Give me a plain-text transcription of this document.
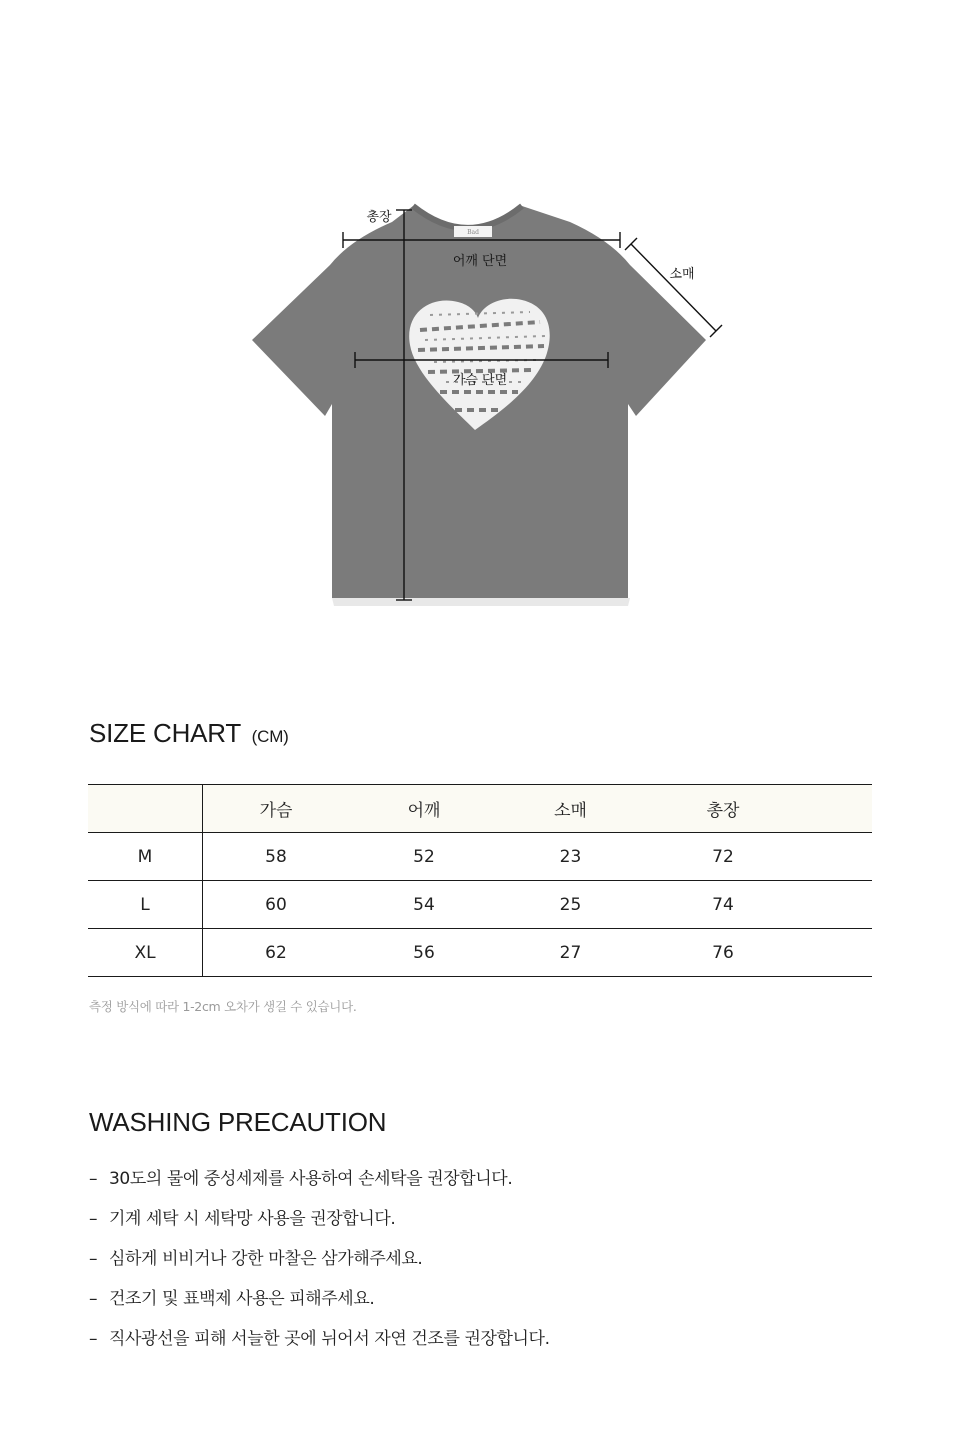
Bad
총장
어깨 단면
소매
가슴 단면
SIZE CHART (CM)
	가슴	어깨	소매	총장	
M	58	52	23	72	
L	60	54	25	74	
XL	62	56	27	76	

측정 방식에 따라 1-2cm 오차가 생길 수 있습니다.

WASHING PRECAUTION
– 30도의 물에 중성세제를 사용하여 손세탁을 권장합니다.
– 기계 세탁 시 세탁망 사용을 권장합니다.
– 심하게 비비거나 강한 마찰은 삼가해주세요.
– 건조기 및 표백제 사용은 피해주세요.
– 직사광선을 피해 서늘한 곳에 뉘어서 자연 건조를 권장합니다.
